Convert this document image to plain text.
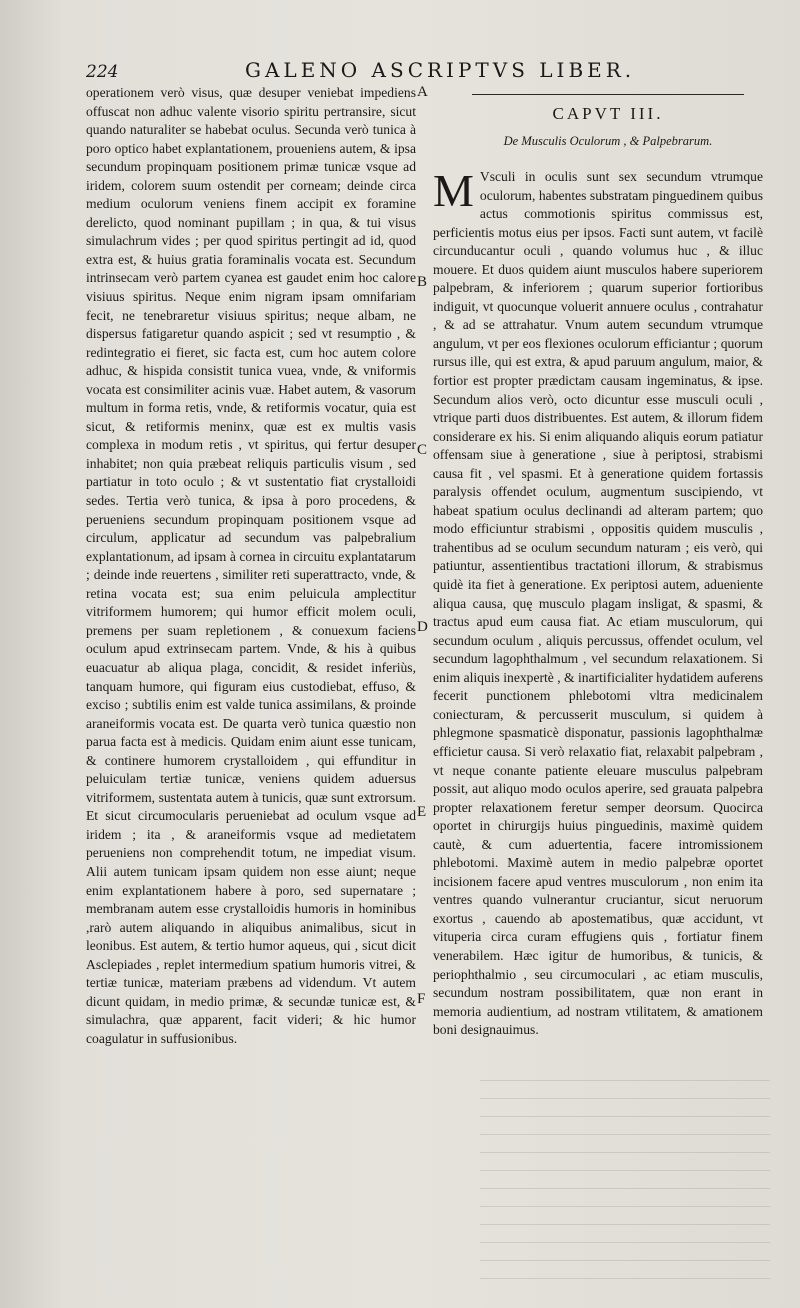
224	GALENO ASCRIPTVS LIBER.

operationem verò visus, quæ desuper veniebat impediens offuscat non adhuc valente visorio spiritu pertransire, sicut quando naturaliter se habebat oculus. Secunda verò tunica à poro optico habet explantationem, proueniens autem, & ipsa secundum propinquam positionem primæ tunicæ vsque ad iridem, colorem suum ostendit per corneam; deinde circa medium oculorum veniens finem accipit ex foramine derelicto, quod nominant pupillam ; in qua, & tui visus simulachrum vides ; per quod spiritus pertingit ad id, quod extra est, & huius gratia foraminalis vocata est. Secundum intrinsecam verò partem cyanea est gaudet enim hoc calore visiuus spiritus. Neque enim nigram ipsam omnifariam fecit, ne tenebraretur visiuus spiritus; neque albam, ne dispersus fatigaretur quando aspicit ; sed vt resumptio , & redintegratio ei fieret, sic facta est, cum hoc autem colore adhuc, & hispida consistit tunica vuea, vnde, & vniformis vocata est consimiliter acinis vuæ. Habet autem, & vasorum multum in forma retis, vnde, & retiformis vocatur, quia est sicut, & retiformis meninx, quæ est ex multis vasis complexa in modum retis , vt spiritus, qui fertur desuper inhabitet; non quia præbeat reliquis particulis visum , sed partiatur in toto oculo ; & vt sustentatio fiat crystalloidi sedes. Tertia verò tunica, & ipsa à poro procedens, & perueniens secundum propinquam positionem vsque ad circulum, applicatur ad secundum vas palpebralium explantationum, ad ipsam à cornea in circuitu explantatarum ; deinde inde reuertens , similiter reti superattracto, vnde, & retina vocata est; sua enim peluicula amplectitur vitriformem humorem; qui humor efficit molem oculi, premens per suam repletionem , & conuexum faciens oculum apud extrinsecam partem. Vnde, & his à quibus euacuatur ab aliqua plaga, concidit, & residet inferiùs, tanquam humore, qui figuram eius custodiebat, effuso, & exciso ; subtilis enim est valde tunica assimilans, & proinde araneiformis vocata est. De quarta verò tunica quæstio non parua facta est à medicis. Quidam enim aiunt esse tunicam, & continere humorem crystalloidem , qui effunditur in peluiculam tertiæ tunicæ, veniens quidem aduersus vitriformem, sustentata autem à tunicis, quæ sunt extrorsum. Et sicut circumocularis perueniebat ad oculum vsque ad iridem ; ita , & araneiformis vsque ad medietatem perueniens non comprehendit totum, ne impediat visum. Alii autem tunicam ipsam quidem non esse aiunt; neque enim explantationem habere à poro, sed supernatare ; membranam autem esse crystalloidis humoris in hominibus ,rarò autem aliquando in aliquibus animalibus, sicut in leonibus. Est autem, & tertio humor aqueus, qui , sicut dicit Asclepiades , replet intermedium spatium humoris vitrei, & tertiæ tunicæ, materiam præbens ad videndum. Vt autem dicunt quidam, in medio primæ, & secundæ tunicæ est, & simulachra, quæ apparent, facit videri; & hic humor coagulatur in suffusionibus.

A
B
C
D
E
F
CAPVT III.
De Musculis Oculorum , & Palpebrarum.

M Vsculi in oculis sunt sex secundum vtrumque oculorum, habentes substratam pinguedinem quibus actus commotionis spiritus commissus est, perficientis motus eius per ipsos. Facti sunt autem, vt facilè circunducantur oculi , quando volumus huc , & illuc mouere. Et duos quidem aiunt musculos habere superiorem palpebram, & inferiorem ; quarum superior fortioribus indiguit, vt quocunque voluerit annuere oculus , contrahatur , & ad se attrahatur. Vnum autem secundum vtrumque angulum, vt per eos flexiones oculorum efficiantur ; quorum rursus ille, qui est extra, & apud paruum angulum, maior, & fortior est propter prædictam causam ingeminatus, & ipse. Secundum alios verò, octo dicuntur esse musculi oculi , vtrique parti duos distribuentes. Est autem, & illorum fidem considerare ex his. Si enim aliquando aliquis eorum patiatur offensam siue à generatione , siue à periptosi, strabismi causa fit , vel spasmi. Et à generatione quidem fortassis paralysis offendet oculum, augmentum suscipiendo, vt habeat spatium oculus declinandi ad alteram partem; quo modo efficiuntur strabismi , oppositis quidem musculis , trahentibus ad se oculum secundum naturam ; eis verò, qui patiuntur, assentientibus tractationi illorum, & strabismus quidè ita fiet à generatione. Ex periptosi autem, adueniente aliqua causa, quę musculo plagam insligat, & spasmi, & tractus apud eum causa fiat. Ac etiam musculorum, qui secundum oculum , aliquis percussus, offendet oculum, vel secundum lagophthalmum , vel secundum relaxationem. Si enim aliquis inexpertè , & inartificialiter hydatidem auferens fecerit punctionem phlebotomi vltra medicinalem coniecturam, & percusserit musculum, si quidem à phlegmone spasmaticè disponatur, passionis lagophthalmæ efficietur causa. Si verò relaxatio fiat, relaxabit palpebram , vt neque conante patiente eleuare musculus palpebram possit, aut aliquo modo oculos aperire, sed grauata palpebra propter relaxationem feretur semper deorsum. Quocirca oportet in chirurgijs huius pinguedinis, maximè quidem cautè, & cum aduertentia, facere intromissionem phlebotomi. Maximè autem in medio palpebræ oportet incisionem facere apud ventres musculorum , non enim ita ventres quando vulnerantur cruciantur, sicut neruorum exortus , cauendo ab apostematibus, quæ accidunt, vt vituperia circa curam effugiens quis , fortiatur finem venerabilem. Hæc igitur de humoribus, & tunicis, & periophthalmio , seu circumoculari , ac etiam musculis, secundum nostram possibilitatem, quæ non erant in memoria audientium, ad nostram vtilitatem, & amationem boni designauimus.
